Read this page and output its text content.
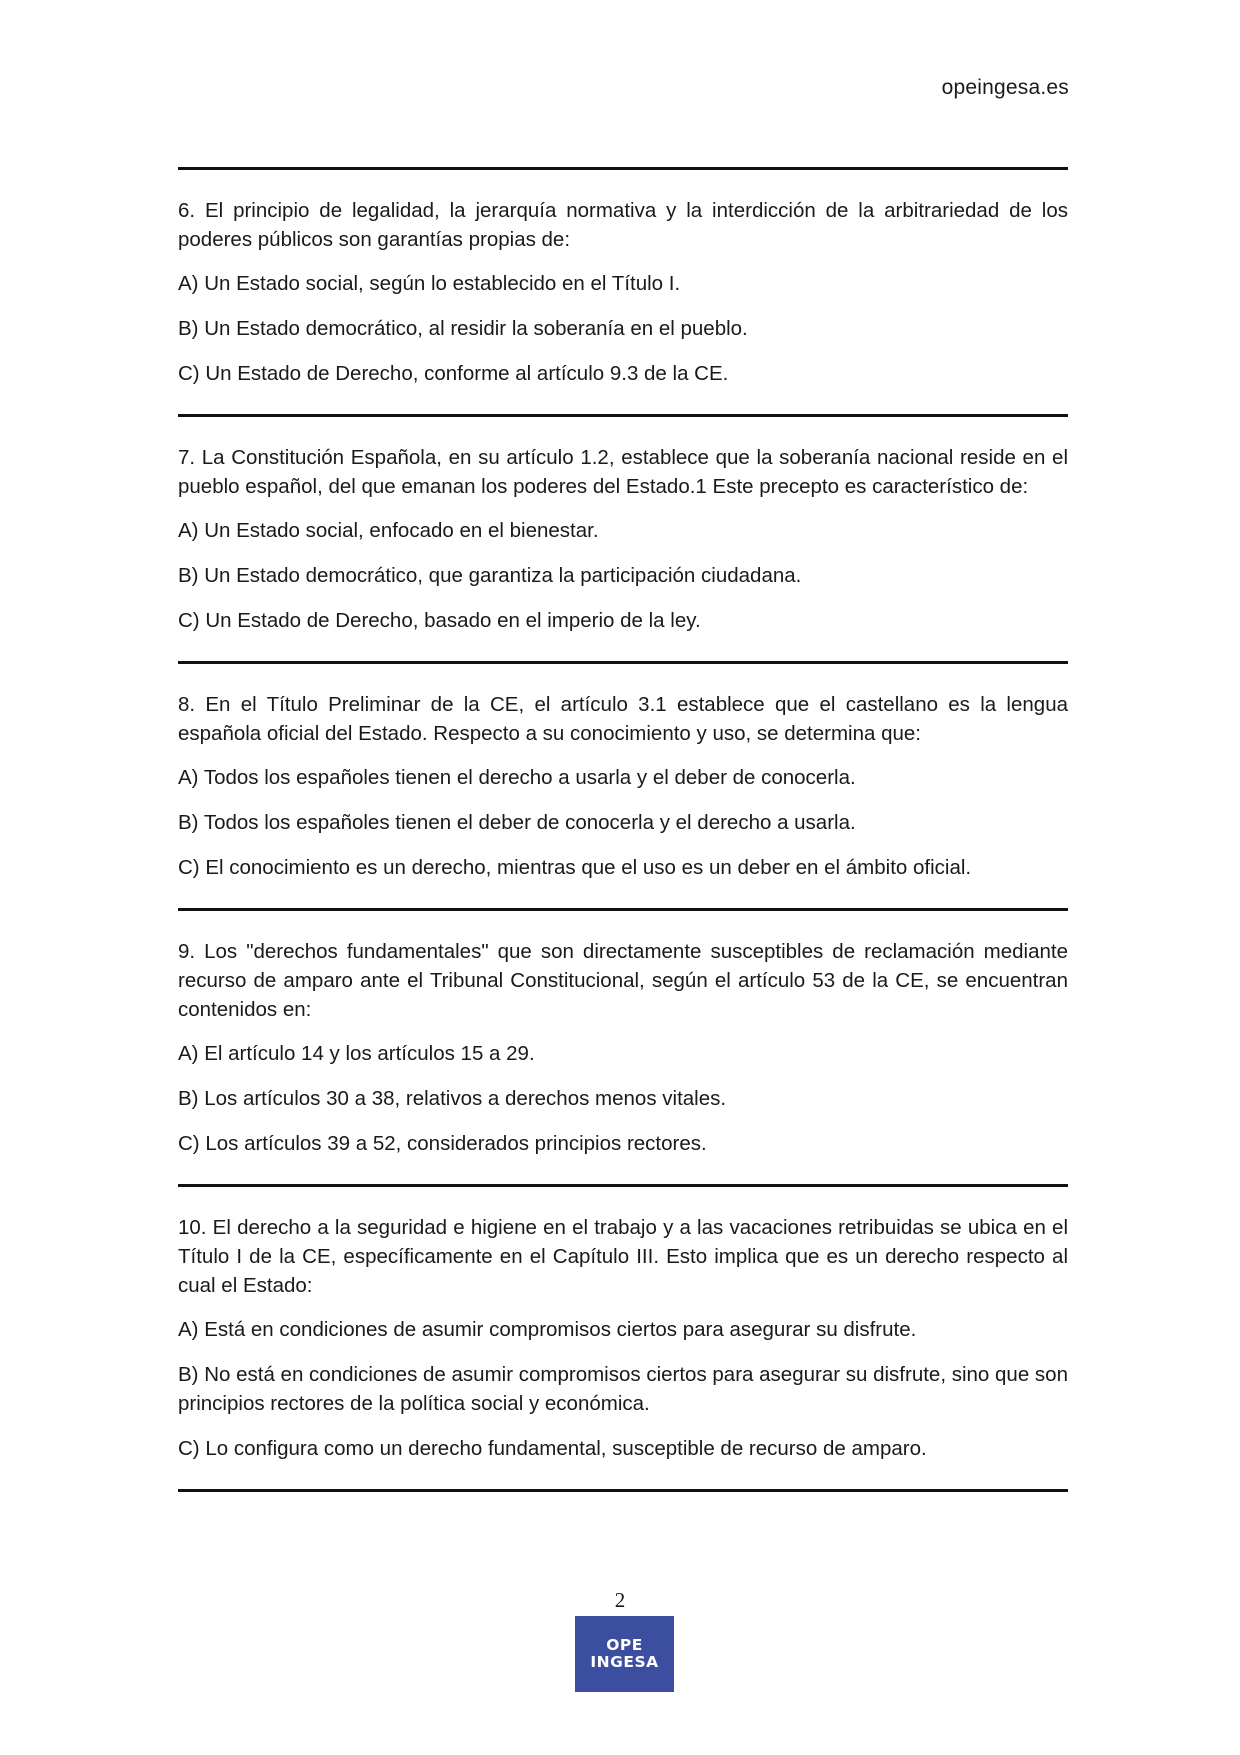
opeingesa.es

6. El principio de legalidad, la jerarquía normativa y la interdicción de la arbitrariedad de los poderes públicos son garantías propias de:

A) Un Estado social, según lo establecido en el Título I.

B) Un Estado democrático, al residir la soberanía en el pueblo.

C) Un Estado de Derecho, conforme al artículo 9.3 de la CE.

7. La Constitución Española, en su artículo 1.2, establece que la soberanía nacional reside en el pueblo español, del que emanan los poderes del Estado.1 Este precepto es característico de:

A) Un Estado social, enfocado en el bienestar.

B) Un Estado democrático, que garantiza la participación ciudadana.

C) Un Estado de Derecho, basado en el imperio de la ley.

8. En el Título Preliminar de la CE, el artículo 3.1 establece que el castellano es la lengua española oficial del Estado. Respecto a su conocimiento y uso, se determina que:

A) Todos los españoles tienen el derecho a usarla y el deber de conocerla.

B) Todos los españoles tienen el deber de conocerla y el derecho a usarla.

C) El conocimiento es un derecho, mientras que el uso es un deber en el ámbito oficial.

9. Los "derechos fundamentales" que son directamente susceptibles de reclamación mediante recurso de amparo ante el Tribunal Constitucional, según el artículo 53 de la CE, se encuentran contenidos en:

A) El artículo 14 y los artículos 15 a 29.

B) Los artículos 30 a 38, relativos a derechos menos vitales.

C) Los artículos 39 a 52, considerados principios rectores.

10. El derecho a la seguridad e higiene en el trabajo y a las vacaciones retribuidas se ubica en el Título I de la CE, específicamente en el Capítulo III. Esto implica que es un derecho respecto al cual el Estado:

A) Está en condiciones de asumir compromisos ciertos para asegurar su disfrute.

B) No está en condiciones de asumir compromisos ciertos para asegurar su disfrute, sino que son principios rectores de la política social y económica.

C) Lo configura como un derecho fundamental, susceptible de recurso de amparo.

2
OPE
INGESA
